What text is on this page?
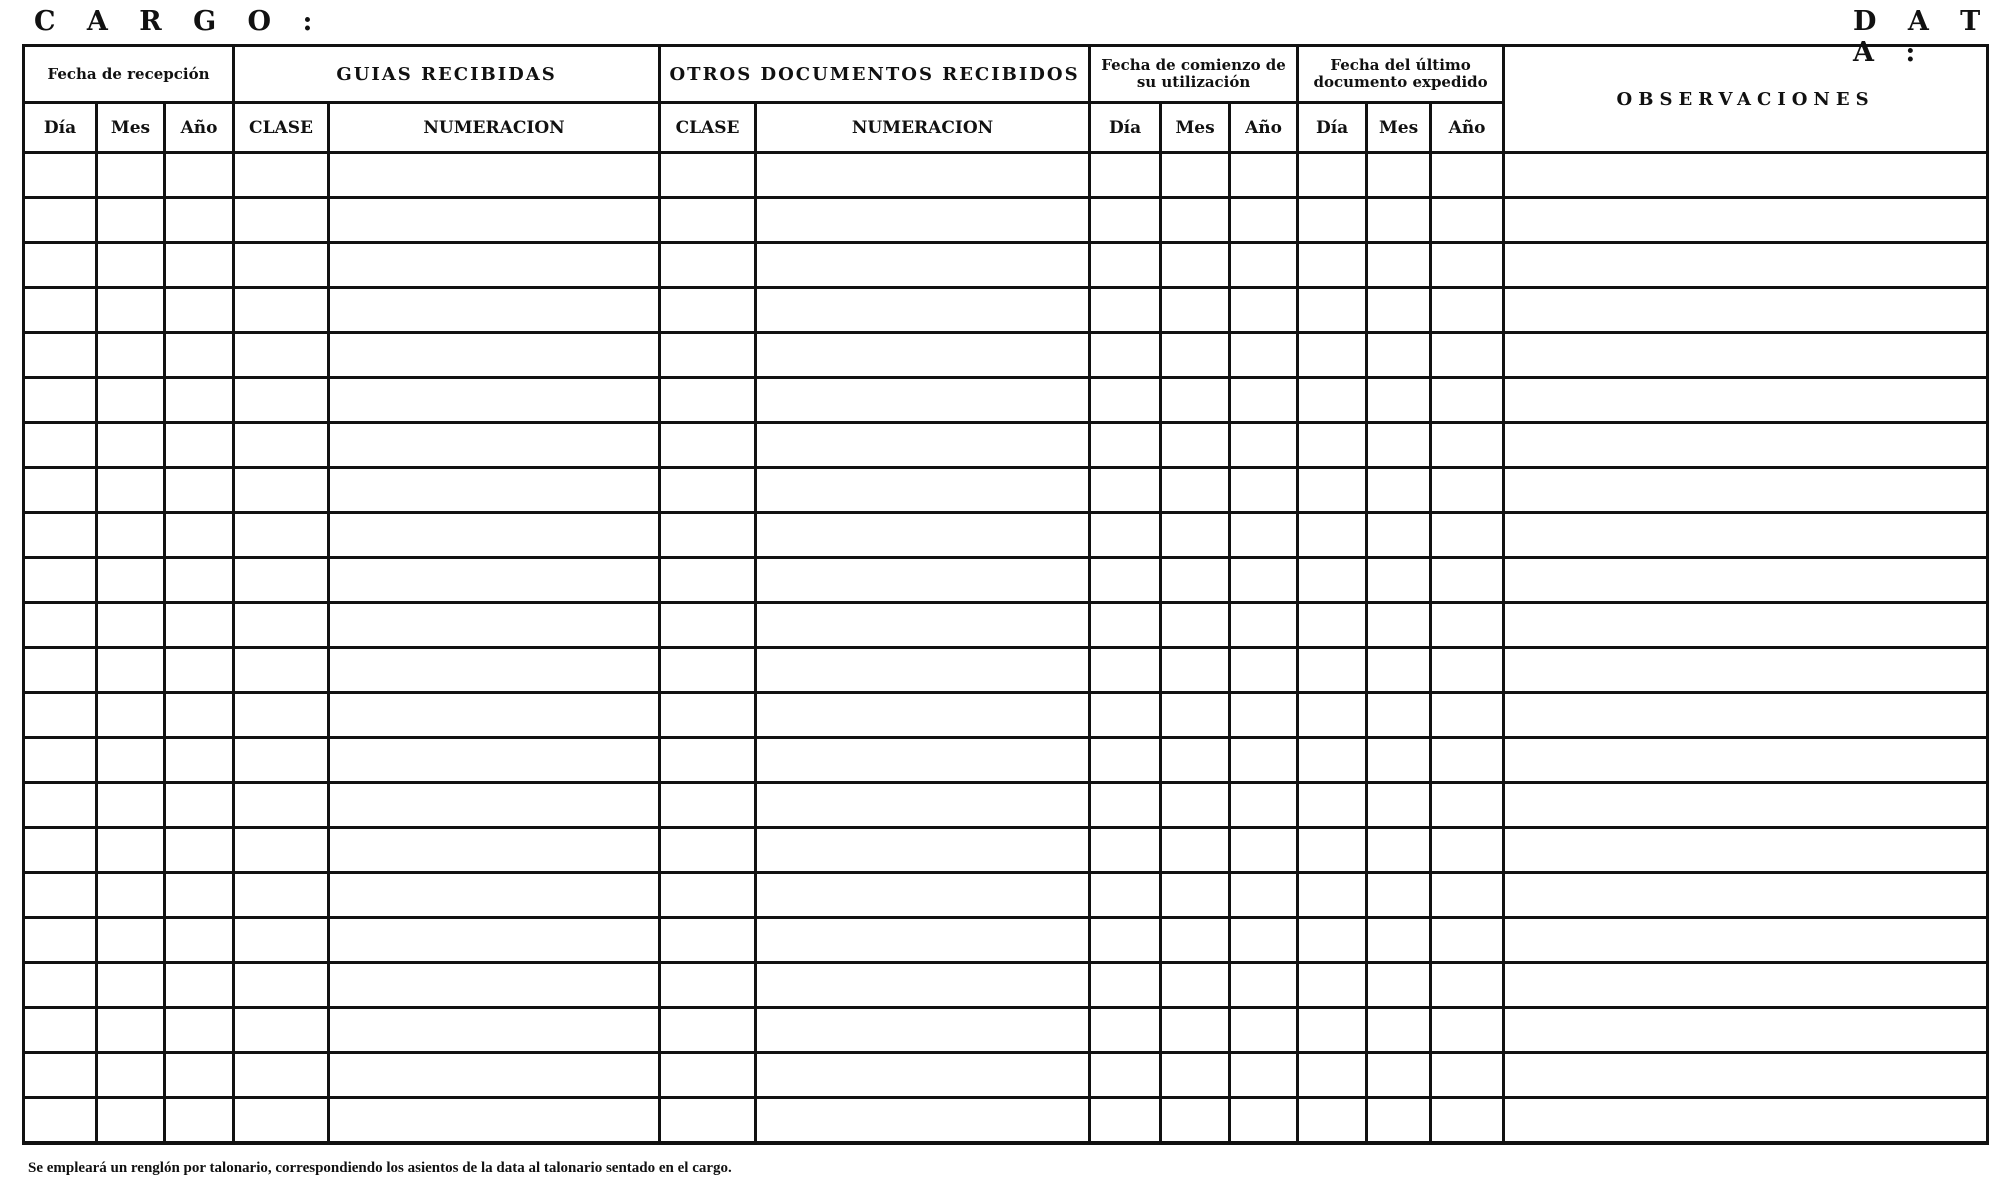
C A R G O :	D A T A :
Fecha de recepción			GUIAS RECIBIDAS		OTROS DOCUMENTOS RECIBIDOS		Fecha de comienzo de su utilización			Fecha del último documento expedido			OBSERVACIONES
Día	Mes	Año	CLASE	NUMERACION	CLASE	NUMERACION	Día	Mes	Año	Día	Mes	Año	

Se empleará un renglón por talonario, correspondiendo los asientos de la data al talonario sentado en el cargo.
